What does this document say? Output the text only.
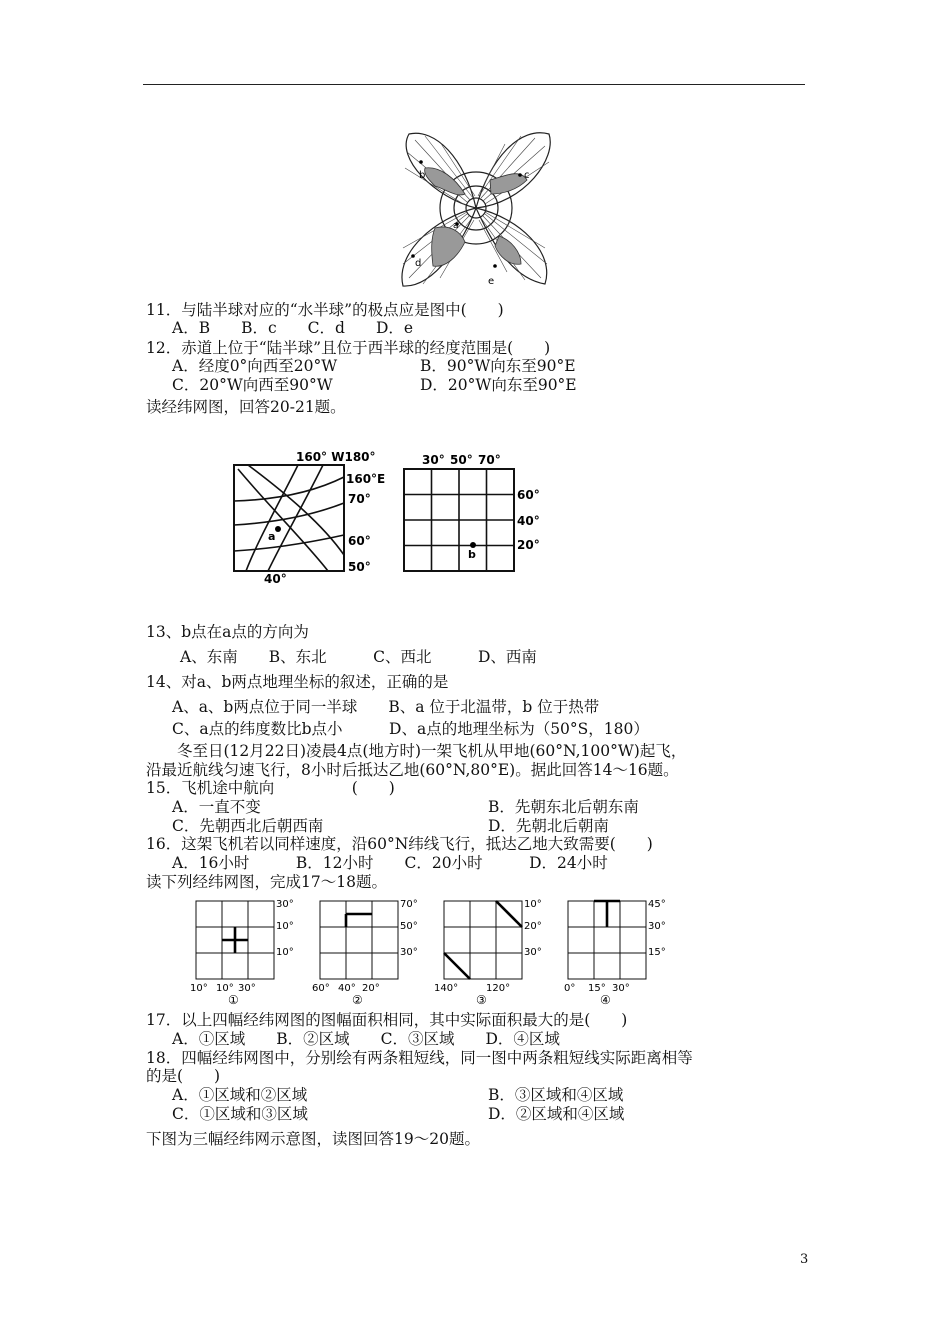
b	c
a
d
e
11．与陆半球对应的“水半球”的极点应是图中(　　)
A．B　　B．c　　C．d　　D．e
12．赤道上位于“陆半球”且位于西半球的经度范围是(　　)
A．经度0°向西至20°W	B．90°W向东至90°E
C．20°W向西至90°W	D．20°W向东至90°E
读经纬网图，回答20-21题。
a
160° W180°
160°E
70°
60°
50°
40°
b
30° 50° 70°
60°
40°
20°
13、b点在a点的方向为
A、东南　　B、东北　　　C、西北　　　D、西南
14、对a、b两点地理坐标的叙述，正确的是
A、a、b两点位于同一半球　　B、a 位于北温带，b 位于热带
C、a点的纬度数比b点小　　　D、a点的地理坐标为（50°S，180）
冬至日(12月22日)凌晨4点(地方时)一架飞机从甲地(60°N,100°W)起飞，
沿最近航线匀速飞行，8小时后抵达乙地(60°N,80°E)。据此回答14～16题。
15．飞机途中航向　　　　　(　　)
A．一直不变	B．先朝东北后朝东南
C．先朝西北后朝西南	D．先朝北后朝南
16．这架飞机若以同样速度，沿60°N纬线飞行，抵达乙地大致需要(　　)
A．16小时　　　B．12小时　　C．20小时　　　D．24小时
读下列经纬网图，完成17～18题。
30°
10°
10°
10° 10° 30°
①
70°
50°
30°
60° 40° 20°
②
10°
20°
30°
140°	120°
③
45°
30°
15°
0° 15° 30°
④
17．以上四幅经纬网图的图幅面积相同，其中实际面积最大的是(　　)
A．①区域　　B．②区域　　C．③区域　　D．④区域
18．四幅经纬网图中，分别绘有两条粗短线，同一图中两条粗短线实际距离相等
的是(　　)
A．①区域和②区域	B．③区域和④区域
C．①区域和③区域	D．②区域和④区域
下图为三幅经纬网示意图，读图回答19～20题。
3
